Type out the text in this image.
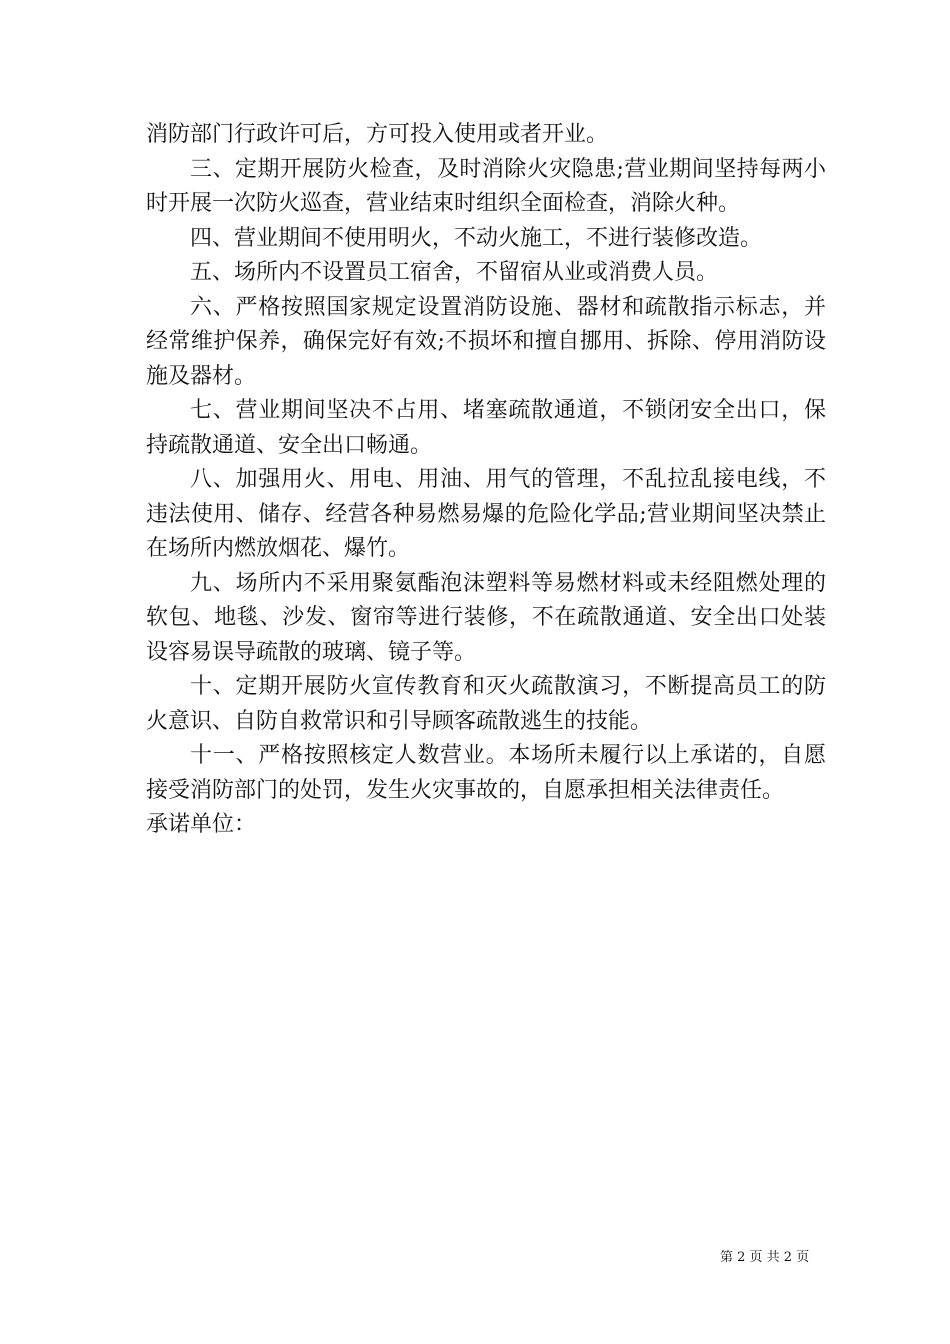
消防部门行政许可后，方可投入使用或者开业。

三、定期开展防火检查，及时消除火灾隐患;营业期间坚持每两小时开展一次防火巡查，营业结束时组织全面检查，消除火种。

四、营业期间不使用明火，不动火施工，不进行装修改造。

五、场所内不设置员工宿舍，不留宿从业或消费人员。

六、严格按照国家规定设置消防设施、器材和疏散指示标志，并经常维护保养，确保完好有效;不损坏和擅自挪用、拆除、停用消防设施及器材。

七、营业期间坚决不占用、堵塞疏散通道，不锁闭安全出口，保持疏散通道、安全出口畅通。

八、加强用火、用电、用油、用气的管理，不乱拉乱接电线，不违法使用、储存、经营各种易燃易爆的危险化学品;营业期间坚决禁止在场所内燃放烟花、爆竹。

九、场所内不采用聚氨酯泡沫塑料等易燃材料或未经阻燃处理的软包、地毯、沙发、窗帘等进行装修，不在疏散通道、安全出口处装设容易误导疏散的玻璃、镜子等。

十、定期开展防火宣传教育和灭火疏散演习，不断提高员工的防火意识、自防自救常识和引导顾客疏散逃生的技能。

十一、严格按照核定人数营业。本场所未履行以上承诺的，自愿接受消防部门的处罚，发生火灾事故的，自愿承担相关法律责任。

承诺单位：

第 2 页 共 2 页
